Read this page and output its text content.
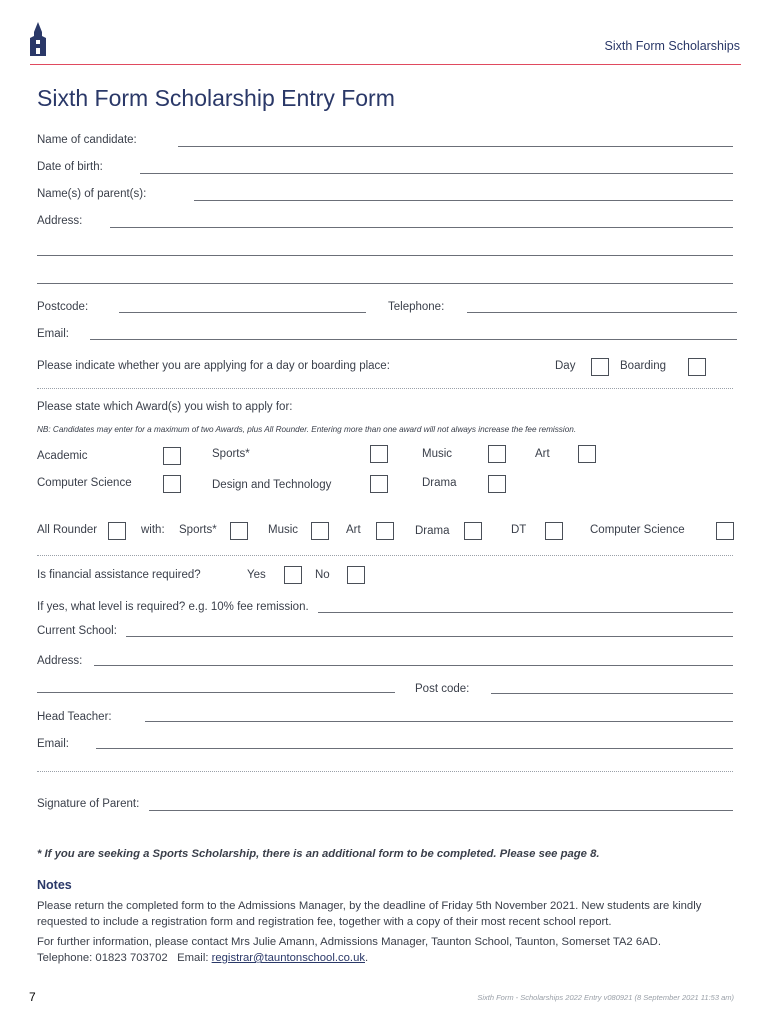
Sixth Form Scholarships
Sixth Form Scholarship Entry Form
Name of candidate:
Date of birth:
Name(s) of parent(s):
Address:
Postcode:	Telephone:
Email:
Please indicate whether you are applying for a day or boarding place:	Day	Boarding
Please state which Award(s) you wish to apply for:
NB: Candidates may enter for a maximum of two Awards, plus All Rounder. Entering more than one award will not always increase the fee remission.
Academic	Sports*	Music	Art
Computer Science	Design and Technology	Drama
All Rounder	with: Sports*	Music	Art	Drama	DT	Computer Science
Is financial assistance required?	Yes	No
If yes, what level is required? e.g. 10% fee remission.
Current School:
Address:
Post code:
Head Teacher:
Email:
Signature of Parent:
* If you are seeking a Sports Scholarship, there is an additional form to be completed. Please see page 8.
Notes
Please return the completed form to the Admissions Manager, by the deadline of Friday 5th November 2021. New students are kindly requested to include a registration form and registration fee, together with a copy of their most recent school report.
For further information, please contact Mrs Julie Amann, Admissions Manager, Taunton School, Taunton, Somerset TA2 6AD.
Telephone: 01823 703702   Email: registrar@tauntonschool.co.uk.
7	Sixth Form - Scholarships 2022 Entry v080921 (8 September 2021 11:53 am)
